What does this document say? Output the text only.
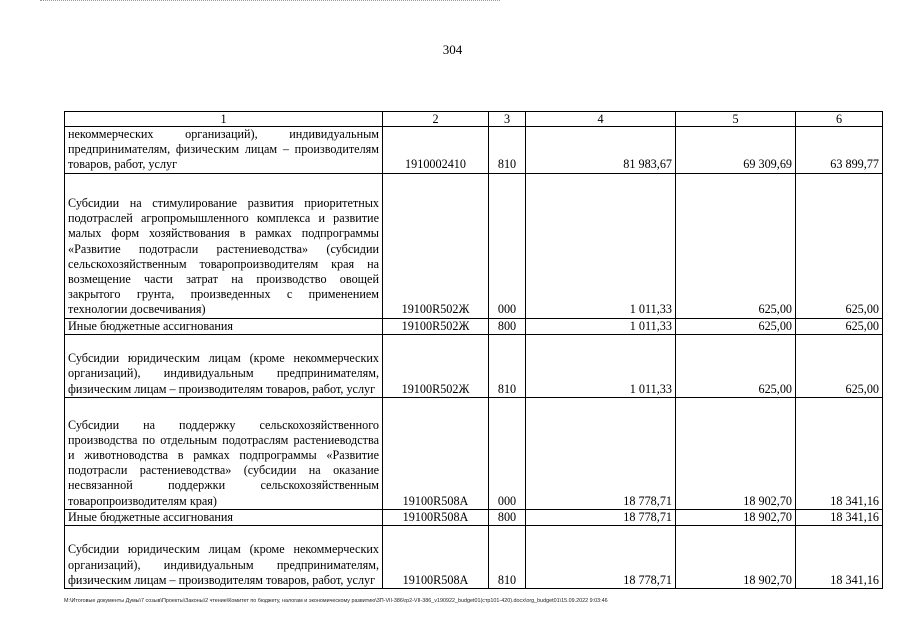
304
1	2	3	4	5	6

некоммерческих организаций), индивидуальным предпринимателям, физическим лицам – производителям товаров, работ, услуг	1910002410	810	81 983,67	69 309,69	63 899,77

Субсидии на стимулирование развития приоритетных подотраслей агропромышленного комплекса и развитие малых форм хозяйствования в рамках подпрограммы «Развитие подотрасли растениеводства» (субсидии сельскохозяйственным товаропроизводителям края на возмещение части затрат на производство овощей закрытого грунта, произведенных с применением технологии досвечивания)	19100R502Ж	000	1 011,33	625,00	625,00

Иные бюджетные ассигнования	19100R502Ж	800	1 011,33	625,00	625,00

Субсидии юридическим лицам (кроме некоммерческих организаций), индивидуальным предпринимателям, физическим лицам – производителям товаров, работ, услуг	19100R502Ж	810	1 011,33	625,00	625,00

Субсидии на поддержку сельскохозяйственного производства по отдельным подотраслям растениеводства и животноводства в рамках подпрограммы «Развитие подотрасли растениеводства» (субсидии на оказание несвязанной поддержки сельскохозяйственным товаропроизводителям края)	19100R508А	000	18 778,71	18 902,70	18 341,16

Иные бюджетные ассигнования	19100R508А	800	18 778,71	18 902,70	18 341,16

Субсидии юридическим лицам (кроме некоммерческих организаций), индивидуальным предпринимателям, физическим лицам – производителям товаров, работ, услуг	19100R508А	810	18 778,71	18 902,70	18 341,16
M:\Итоговые документы Думы\7 созыв\Проекты\Законы\2 чтение\Комитет по бюджету, налогам и экономическому развитию\3П-VII-386\rp2-VII-386_v190922_budget01(стр101-420).docx\org_budget01\15.09.2022 9:03:46
